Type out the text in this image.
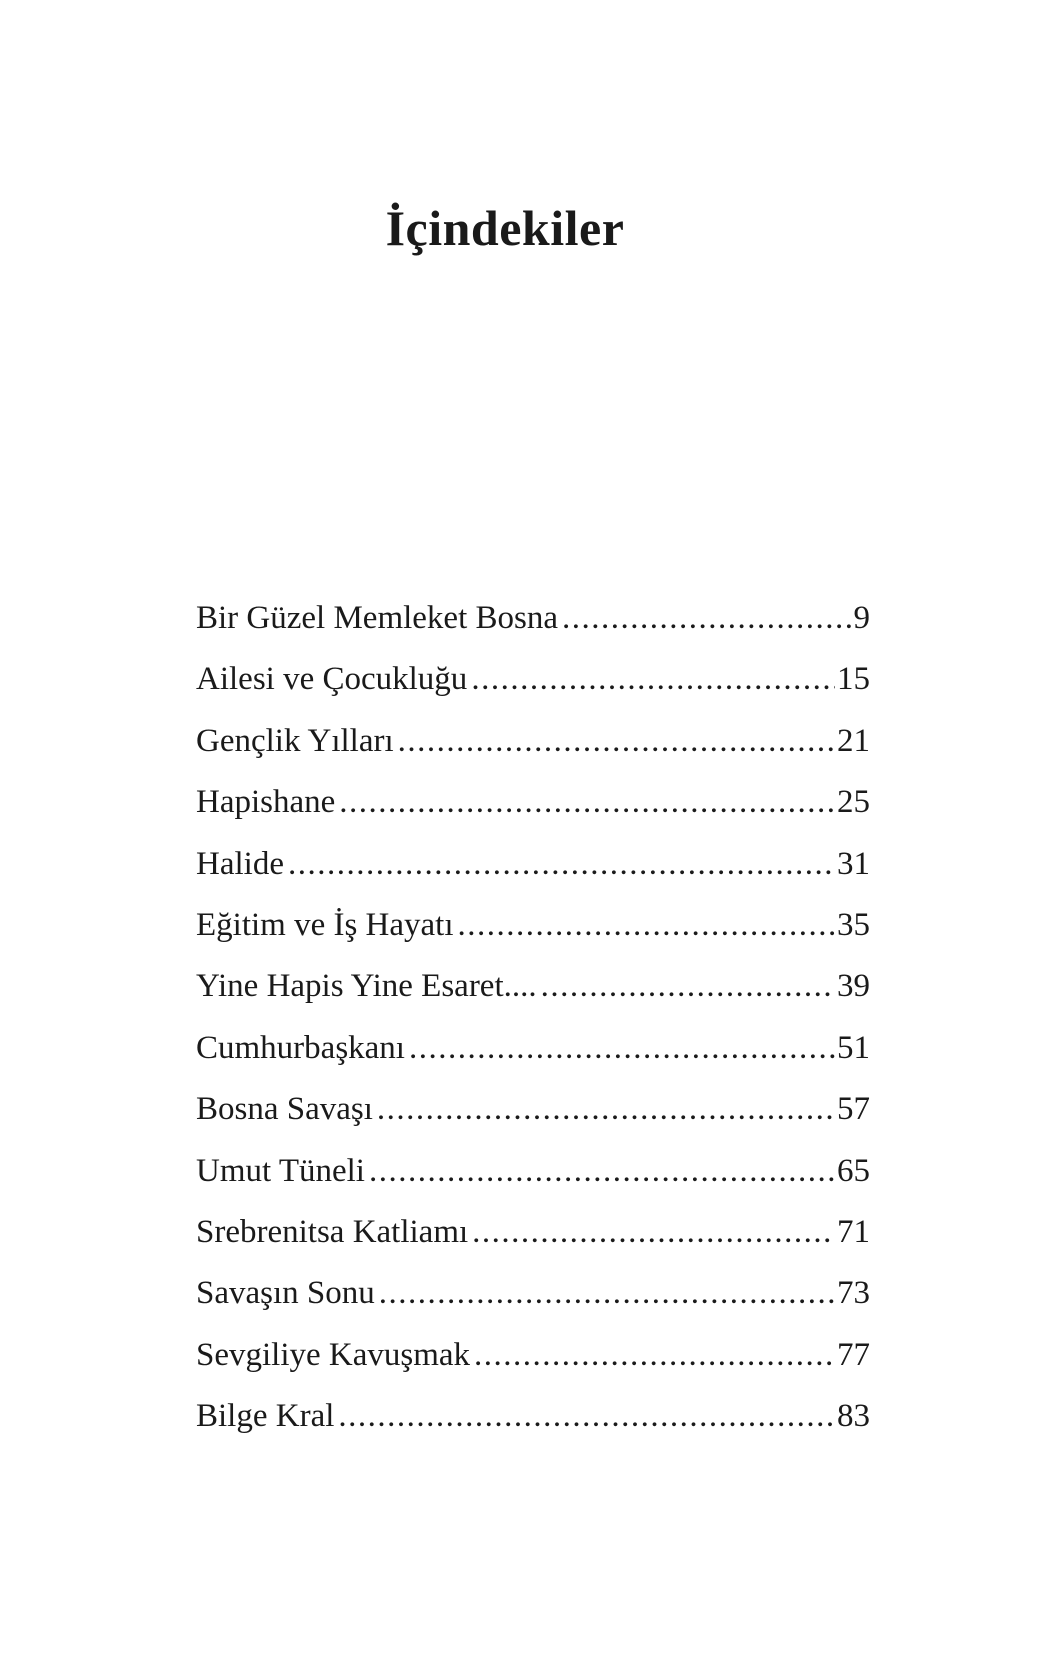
İçindekiler
Bir Güzel Memleket Bosna .....	9
Ailesi ve Çocukluğu .....	15
Gençlik Yılları .....	21
Hapishane .....	25
Halide .....	31
Eğitim ve İş Hayatı .....	35
Yine Hapis Yine Esaret.... .....	39
Cumhurbaşkanı .....	51
Bosna Savaşı .....	57
Umut Tüneli .....	65
Srebrenitsa Katliamı .....	71
Savaşın Sonu .....	73
Sevgiliye Kavuşmak .....	77
Bilge Kral .....	83
